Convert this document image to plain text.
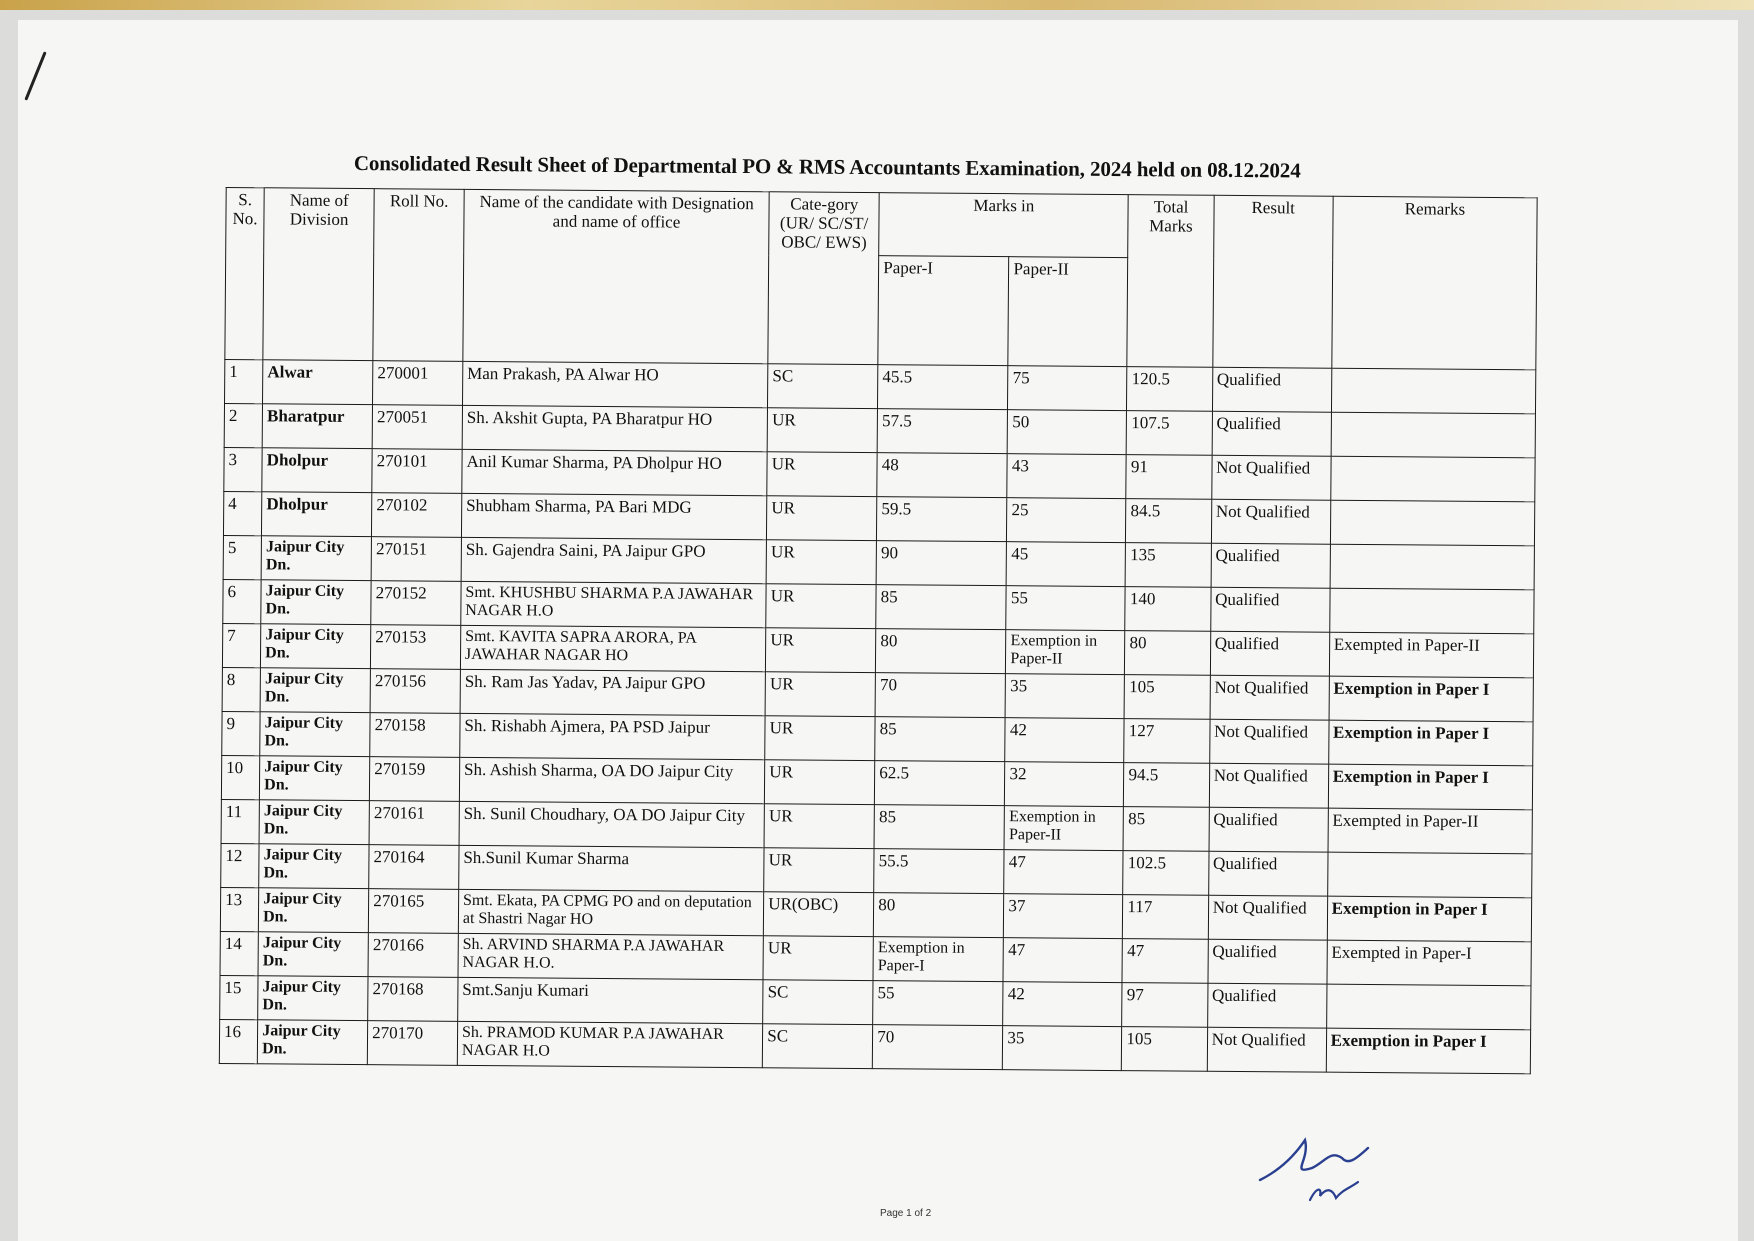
Consolidated Result Sheet of Departmental PO & RMS Accountants Examination, 2024 held on 08.12.2024
S. No.	Name of Division	Roll No.	Name of the candidate with Designation and name of office	Cate-gory (UR/ SC/ST/ OBC/ EWS)	Marks in		Total Marks	Result	Remarks
					Paper-I	Paper-II			
1	Alwar	270001	Man Prakash, PA Alwar HO	SC	45.5	75	120.5	Qualified	
2	Bharatpur	270051	Sh. Akshit Gupta, PA Bharatpur HO	UR	57.5	50	107.5	Qualified	
3	Dholpur	270101	Anil Kumar Sharma, PA Dholpur HO	UR	48	43	91	Not Qualified	
4	Dholpur	270102	Shubham Sharma, PA Bari MDG	UR	59.5	25	84.5	Not Qualified	
5	Jaipur City Dn.	270151	Sh. Gajendra Saini, PA Jaipur GPO	UR	90	45	135	Qualified	
6	Jaipur City Dn.	270152	Smt. KHUSHBU SHARMA P.A JAWAHAR NAGAR H.O	UR	85	55	140	Qualified	
7	Jaipur City Dn.	270153	Smt. KAVITA SAPRA ARORA, PA JAWAHAR NAGAR HO	UR	80	Exemption in Paper-II	80	Qualified	Exempted in Paper-II
8	Jaipur City Dn.	270156	Sh. Ram Jas Yadav, PA Jaipur GPO	UR	70	35	105	Not Qualified	Exemption in Paper I
9	Jaipur City Dn.	270158	Sh. Rishabh Ajmera, PA PSD Jaipur	UR	85	42	127	Not Qualified	Exemption in Paper I
10	Jaipur City Dn.	270159	Sh. Ashish Sharma, OA DO Jaipur City	UR	62.5	32	94.5	Not Qualified	Exemption in Paper I
11	Jaipur City Dn.	270161	Sh. Sunil Choudhary, OA DO Jaipur City	UR	85	Exemption in Paper-II	85	Qualified	Exempted in Paper-II
12	Jaipur City Dn.	270164	Sh.Sunil Kumar Sharma	UR	55.5	47	102.5	Qualified	
13	Jaipur City Dn.	270165	Smt. Ekata, PA CPMG PO and on deputation at Shastri Nagar HO	UR(OBC)	80	37	117	Not Qualified	Exemption in Paper I
14	Jaipur City Dn.	270166	Sh. ARVIND SHARMA P.A JAWAHAR NAGAR H.O.	UR	Exemption in Paper-I	47	47	Qualified	Exempted in Paper-I
15	Jaipur City Dn.	270168	Smt.Sanju Kumari	SC	55	42	97	Qualified	
16	Jaipur City Dn.	270170	Sh. PRAMOD KUMAR P.A JAWAHAR NAGAR H.O	SC	70	35	105	Not Qualified	Exemption in Paper I
Page 1 of 2
